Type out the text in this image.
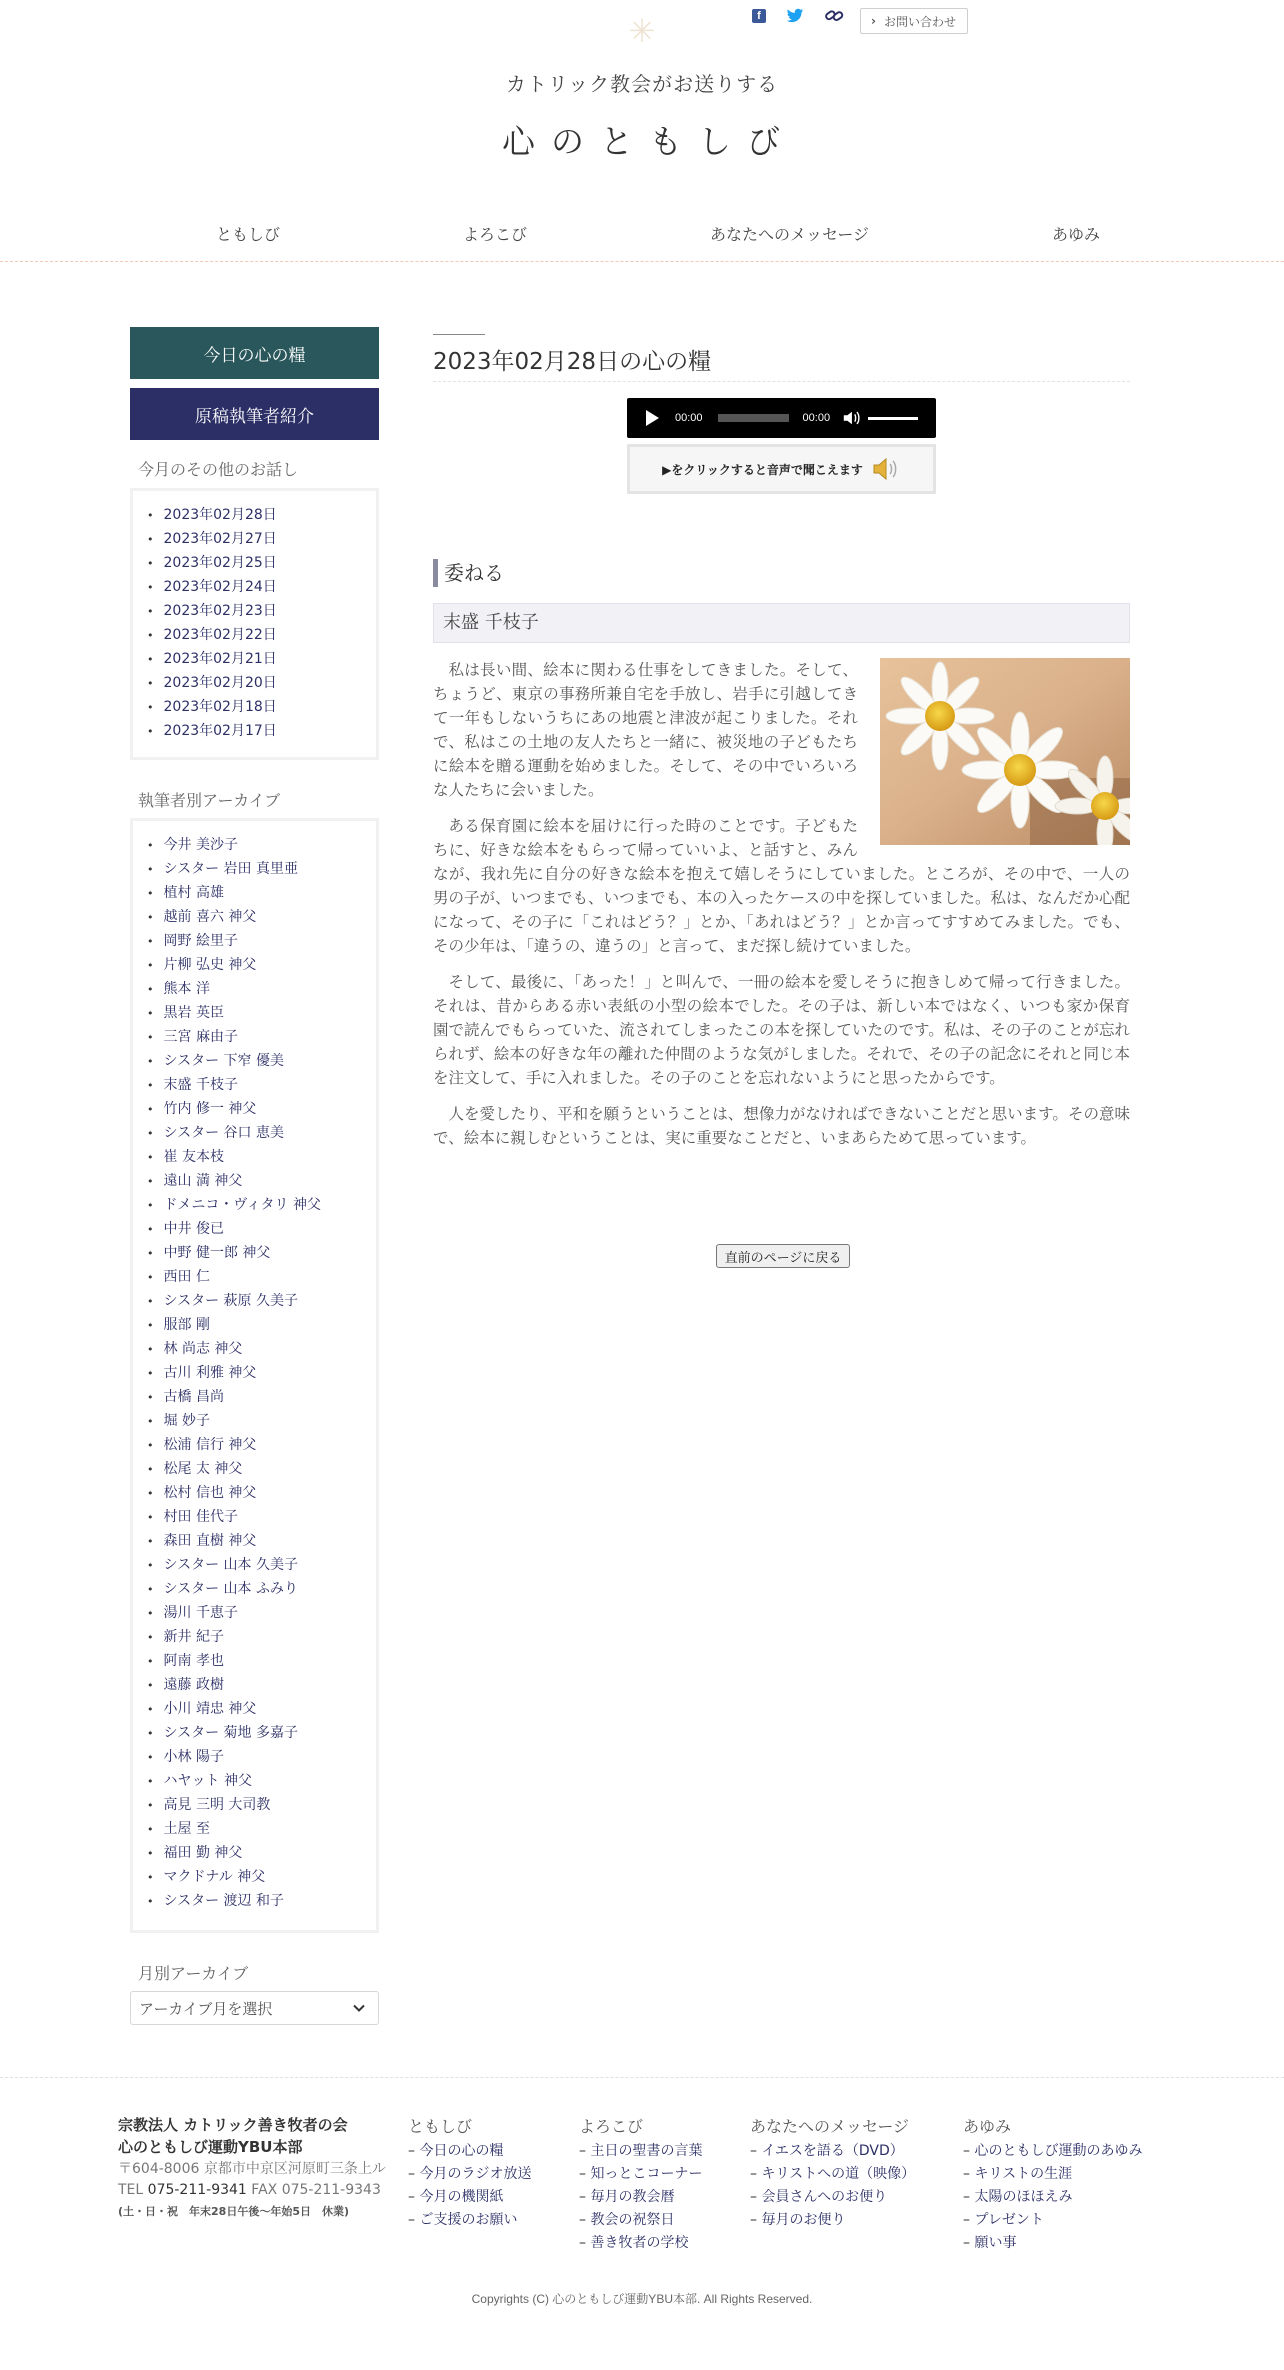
✳	f	› お問い合わせ
カトリック教会がお送りする
心のともしび
ともしび	よろこび	あなたへのメッセージ	あゆみ
今日の心の糧
原稿執筆者紹介
今月のその他のお話し
• 2023年02月28日
• 2023年02月27日
• 2023年02月25日
• 2023年02月24日
• 2023年02月23日
• 2023年02月22日
• 2023年02月21日
• 2023年02月20日
• 2023年02月18日
• 2023年02月17日
執筆者別アーカイブ
• 今井 美沙子
• シスター 岩田 真里亜
• 植村 高雄
• 越前 喜六 神父
• 岡野 絵里子
• 片柳 弘史 神父
• 熊本 洋
• 黒岩 英臣
• 三宮 麻由子
• シスター 下窄 優美
• 末盛 千枝子
• 竹内 修一 神父
• シスター 谷口 恵美
• 崔 友本枝
• 遠山 満 神父
• ドメニコ・ヴィタリ 神父
• 中井 俊已
• 中野 健一郎 神父
• 西田 仁
• シスター 萩原 久美子
• 服部 剛
• 林 尚志 神父
• 古川 利雅 神父
• 古橋 昌尚
• 堀 妙子
• 松浦 信行 神父
• 松尾 太 神父
• 松村 信也 神父
• 村田 佳代子
• 森田 直樹 神父
• シスター 山本 久美子
• シスター 山本 ふみり
• 湯川 千恵子
• 新井 紀子
• 阿南 孝也
• 遠藤 政樹
• 小川 靖忠 神父
• シスター 菊地 多嘉子
• 小林 陽子
• ハヤット 神父
• 高見 三明 大司教
• 土屋 至
• 福田 勤 神父
• マクドナル 神父
• シスター 渡辺 和子
月別アーカイブ
アーカイブ月を選択
2023年02月28日の心の糧
00:00	00:00
▶をクリックすると音声で聞こえます
委ねる
末盛 千枝子

私は長い間、絵本に関わる仕事をしてきました。そして、ちょうど、東京の事務所兼自宅を手放し、岩手に引越してきて一年もしないうちにあの地震と津波が起こりました。それで、私はこの土地の友人たちと一緒に、被災地の子どもたちに絵本を贈る運動を始めました。そして、その中でいろいろな人たちに会いました。

ある保育園に絵本を届けに行った時のことです。子どもたちに、好きな絵本をもらって帰っていいよ、と話すと、みんなが、我れ先に自分の好きな絵本を抱えて嬉しそうにしていました。ところが、その中で、一人の男の子が、いつまでも、いつまでも、本の入ったケースの中を探していました。私は、なんだか心配になって、その子に「これはどう？」とか、「あれはどう？」とか言ってすすめてみました。でも、その少年は、「違うの、違うの」と言って、まだ探し続けていました。

そして、最後に、「あった！」と叫んで、一冊の絵本を愛しそうに抱きしめて帰って行きました。それは、昔からある赤い表紙の小型の絵本でした。その子は、新しい本ではなく、いつも家か保育園で読んでもらっていた、流されてしまったこの本を探していたのです。私は、その子のことが忘れられず、絵本の好きな年の離れた仲間のような気がしました。それで、その子の記念にそれと同じ本を注文して、手に入れました。その子のことを忘れないようにと思ったからです。

人を愛したり、平和を願うということは、想像力がなければできないことだと思います。その意味で、絵本に親しむということは、実に重要なことだと、いまあらためて思っています。

直前のページに戻る
宗教法人 カトリック善き牧者の会
心のともしび運動YBU本部
〒604-8006 京都市中京区河原町三条上ル
TEL 075-211-9341 FAX 075-211-9343
(土・日・祝　年末28日午後〜年始5日　休業)
ともしび
– 今日の心の糧
– 今月のラジオ放送
– 今月の機関紙
– ご支援のお願い
よろこび
– 主日の聖書の言葉
– 知っとこコーナー
– 毎月の教会暦
– 教会の祝祭日
– 善き牧者の学校
あなたへのメッセージ
– イエスを語る（DVD）
– キリストへの道（映像）
– 会員さんへのお便り
– 毎月のお便り
あゆみ
– 心のともしび運動のあゆみ
– キリストの生涯
– 太陽のほほえみ
– プレゼント
– 願い事
Copyrights (C) 心のともしび運動YBU本部. All Rights Reserved.
